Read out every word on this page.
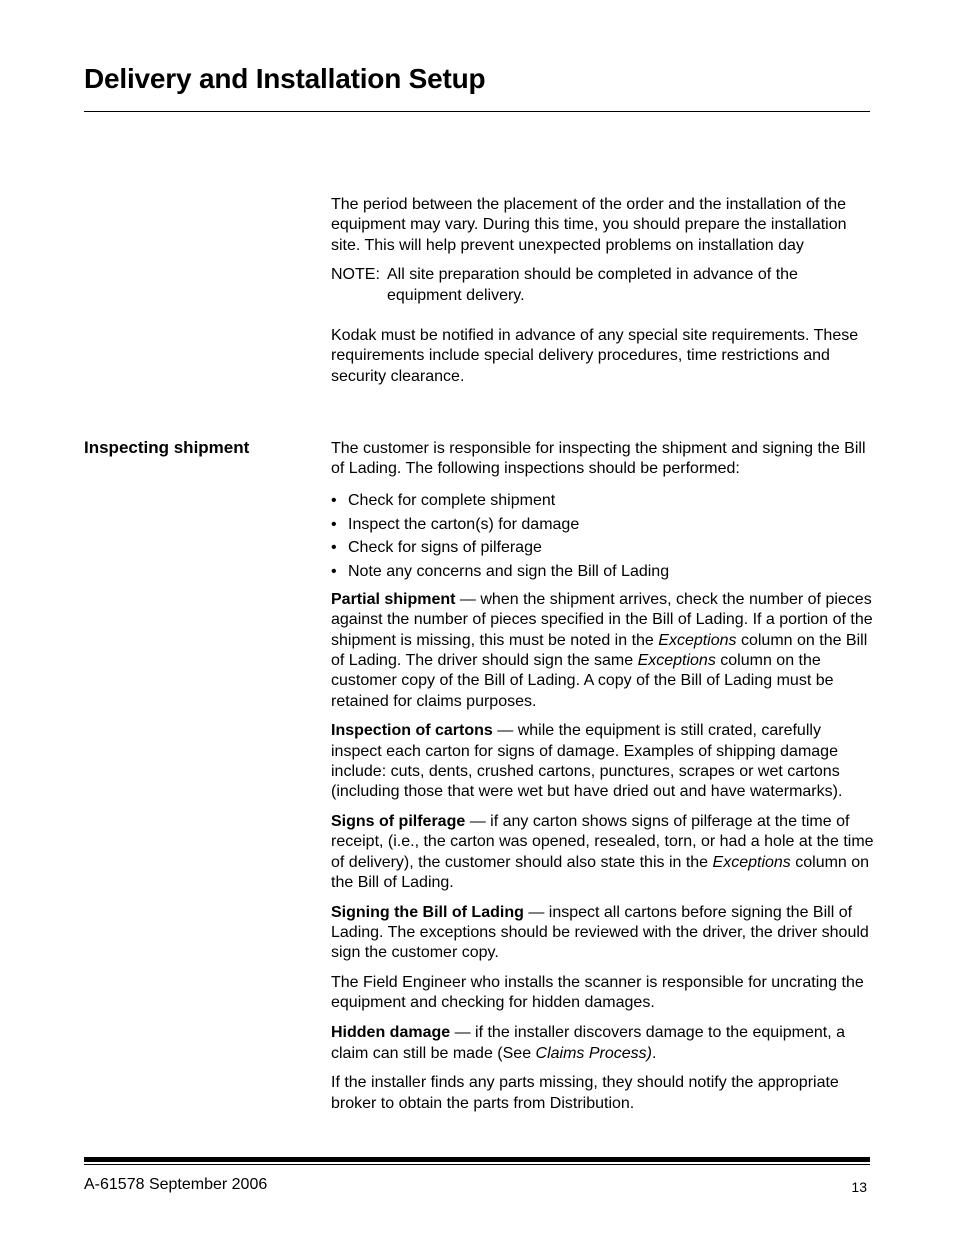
Delivery and Installation Setup

The period between the placement of the order and the installation of the equipment may vary. During this time, you should prepare the installation site. This will help prevent unexpected problems on installation day

NOTE: All site preparation should be completed in advance of the equipment delivery.

Kodak must be notified in advance of any special site requirements. These requirements include special delivery procedures, time restrictions and security clearance.

Inspecting shipment	The customer is responsible for inspecting the shipment and signing the Bill of Lading. The following inspections should be performed:

• Check for complete shipment
• Inspect the carton(s) for damage
• Check for signs of pilferage
• Note any concerns and sign the Bill of Lading

Partial shipment — when the shipment arrives, check the number of pieces against the number of pieces specified in the Bill of Lading. If a portion of the shipment is missing, this must be noted in the Exceptions column on the Bill of Lading. The driver should sign the same Exceptions column on the customer copy of the Bill of Lading. A copy of the Bill of Lading must be retained for claims purposes.

Inspection of cartons — while the equipment is still crated, carefully inspect each carton for signs of damage. Examples of shipping damage include: cuts, dents, crushed cartons, punctures, scrapes or wet cartons (including those that were wet but have dried out and have watermarks).

Signs of pilferage — if any carton shows signs of pilferage at the time of receipt, (i.e., the carton was opened, resealed, torn, or had a hole at the time of delivery), the customer should also state this in the Exceptions column on the Bill of Lading.

Signing the Bill of Lading — inspect all cartons before signing the Bill of Lading. The exceptions should be reviewed with the driver, the driver should sign the customer copy.

The Field Engineer who installs the scanner is responsible for uncrating the equipment and checking for hidden damages.

Hidden damage — if the installer discovers damage to the equipment, a claim can still be made (See Claims Process).

If the installer finds any parts missing, they should notify the appropriate broker to obtain the parts from Distribution.

A-61578 September 2006	13
